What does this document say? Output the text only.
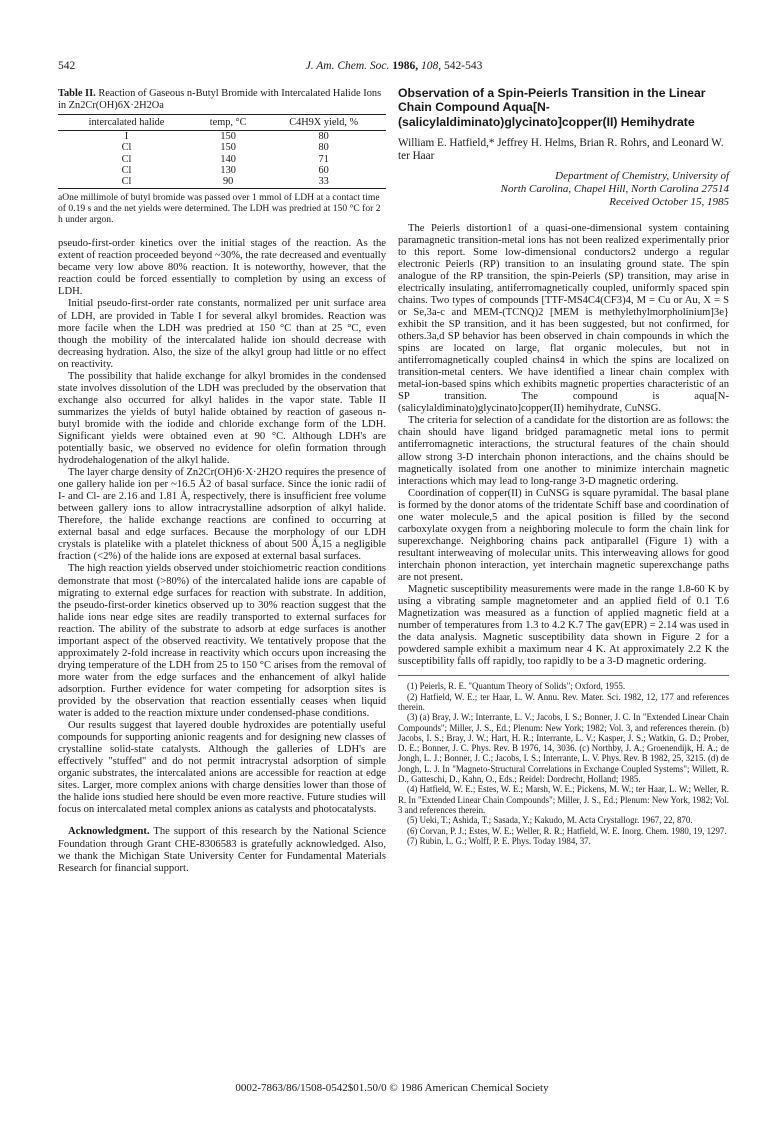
542	J. Am. Chem. Soc. 1986, 108, 542-543

Table II. Reaction of Gaseous n-Butyl Bromide with Intercalated Halide Ions in Zn2Cr(OH)6X·2H2Oa

intercalated halide	temp, °C	C4H9X yield, %
I	150	80
Cl	150	80
Cl	140	71
Cl	130	60
Cl	90	33

aOne millimole of butyl bromide was passed over 1 mmol of LDH at a contact time of 0.19 s and the net yields were determined. The LDH was predried at 150 °C for 2 h under argon.

pseudo-first-order kinetics over the initial stages of the reaction. As the extent of reaction proceeded beyond ~30%, the rate decreased and eventually became very low above 80% reaction. It is noteworthy, however, that the reaction could be forced essentially to completion by using an excess of LDH.

Initial pseudo-first-order rate constants, normalized per unit surface area of LDH, are provided in Table I for several alkyl bromides. Reaction was more facile when the LDH was predried at 150 °C than at 25 °C, even though the mobility of the intercalated halide ion should decrease with decreasing hydration. Also, the size of the alkyl group had little or no effect on reactivity.

The possibility that halide exchange for alkyl bromides in the condensed state involves dissolution of the LDH was precluded by the observation that exchange also occurred for alkyl halides in the vapor state. Table II summarizes the yields of butyl halide obtained by reaction of gaseous n-butyl bromide with the iodide and chloride exchange form of the LDH. Significant yields were obtained even at 90 °C. Although LDH's are potentially basic, we observed no evidence for olefin formation through hydrodehalogenation of the alkyl halide.

The layer charge density of Zn2Cr(OH)6·X·2H2O requires the presence of one gallery halide ion per ~16.5 Å2 of basal surface. Since the ionic radii of I- and Cl- are 2.16 and 1.81 Å, respectively, there is insufficient free volume between gallery ions to allow intracrystalline adsorption of alkyl halide. Therefore, the halide exchange reactions are confined to occurring at external basal and edge surfaces. Because the morphology of our LDH crystals is platelike with a platelet thickness of about 500 Å,15 a negligible fraction (<2%) of the halide ions are exposed at external basal surfaces.

The high reaction yields observed under stoichiometric reaction conditions demonstrate that most (>80%) of the intercalated halide ions are capable of migrating to external edge surfaces for reaction with substrate. In addition, the pseudo-first-order kinetics observed up to 30% reaction suggest that the halide ions near edge sites are readily transported to external surfaces for reaction. The ability of the substrate to adsorb at edge surfaces is another important aspect of the observed reactivity. We tentatively propose that the approximately 2-fold increase in reactivity which occurs upon increasing the drying temperature of the LDH from 25 to 150 °C arises from the removal of more water from the edge surfaces and the enhancement of alkyl halide adsorption. Further evidence for water competing for adsorption sites is provided by the observation that reaction essentially ceases when liquid water is added to the reaction mixture under condensed-phase conditions.

Our results suggest that layered double hydroxides are potentially useful compounds for supporting anionic reagents and for designing new classes of crystalline solid-state catalysts. Although the galleries of LDH's are effectively "stuffed" and do not permit intracrystal adsorption of simple organic substrates, the intercalated anions are accessible for reaction at edge sites. Larger, more complex anions with charge densities lower than those of the halide ions studied here should be even more reactive. Future studies will focus on intercalated metal complex anions as catalysts and photocatalysts.

Acknowledgment. The support of this research by the National Science Foundation through Grant CHE-8306583 is gratefully acknowledged. Also, we thank the Michigan State University Center for Fundamental Materials Research for financial support.

Observation of a Spin-Peierls Transition in the Linear Chain Compound Aqua[N-(salicylaldiminato)glycinato]copper(II) Hemihydrate

William E. Hatfield,* Jeffrey H. Helms, Brian R. Rohrs, and Leonard W. ter Haar

Department of Chemistry, University of
North Carolina, Chapel Hill, North Carolina 27514

Received October 15, 1985

The Peierls distortion1 of a quasi-one-dimensional system containing paramagnetic transition-metal ions has not been realized experimentally prior to this report. Some low-dimensional conductors2 undergo a regular electronic Peierls (RP) transition to an insulating ground state. The spin analogue of the RP transition, the spin-Peierls (SP) transition, may arise in electrically insulating, antiferromagnetically coupled, uniformly spaced spin chains. Two types of compounds [TTF-MS4C4(CF3)4, M = Cu or Au, X = S or Se,3a-c and MEM-(TCNQ)2 [MEM is methylethylmorpholinium]3e} exhibit the SP transition, and it has been suggested, but not confirmed, for others.3a,d SP behavior has been observed in chain compounds in which the spins are located on large, flat organic molecules, but not in antiferromagnetically coupled chains4 in which the spins are localized on transition-metal centers. We have identified a linear chain complex with metal-ion-based spins which exhibits magnetic properties characteristic of an SP transition. The compound is aqua[N-(salicylaldiminato)glycinato]copper(II) hemihydrate, CuNSG.

The criteria for selection of a candidate for the distortion are as follows: the chain should have ligand bridged paramagnetic metal ions to permit antiferromagnetic interactions, the structural features of the chain should allow strong 3-D interchain phonon interactions, and the chains should be magnetically isolated from one another to minimize interchain magnetic interactions which may lead to long-range 3-D magnetic ordering.

Coordination of copper(II) in CuNSG is square pyramidal. The basal plane is formed by the donor atoms of the tridentate Schiff base and coordination of one water molecule,5 and the apical position is filled by the second carboxylate oxygen from a neighboring molecule to form the chain link for superexchange. Neighboring chains pack antiparallel (Figure 1) with a resultant interweaving of molecular units. This interweaving allows for good interchain phonon interaction, yet interchain magnetic superexchange paths are not present.

Magnetic susceptibility measurements were made in the range 1.8-60 K by using a vibrating sample magnetometer and an applied field of 0.1 T.6 Magnetization was measured as a function of applied magnetic field at a number of temperatures from 1.3 to 4.2 K.7 The gav(EPR) = 2.14 was used in the data analysis. Magnetic susceptibility data shown in Figure 2 for a powdered sample exhibit a maximum near 4 K. At approximately 2.2 K the susceptibility falls off rapidly, too rapidly to be a 3-D magnetic ordering.

(1) Peierls, R. E. "Quantum Theory of Solids"; Oxford, 1955.

(2) Hatfield, W. E.; ter Haar, L. W. Annu. Rev. Mater. Sci. 1982, 12, 177 and references therein.

(3) (a) Bray, J. W.; Interrante, L. V.; Jacobs, I. S.; Bonner, J. C. In "Extended Linear Chain Compounds"; Miller, J. S., Ed.; Plenum: New York; 1982; Vol. 3, and references therein. (b) Jacobs, I. S.; Bray, J. W.; Hart, H. R.; Interrante, L. V.; Kasper, J. S.; Watkin, G. D.; Prober, D. E.; Bonner, J. C. Phys. Rev. B 1976, 14, 3036. (c) Northby, J. A.; Groenendijk, H. A.; de Jongh, L. J.; Bonner, J. C.; Jacobs, I. S.; Interrante, L. V. Phys. Rev. B 1982, 25, 3215. (d) de Jongh, L. J. In "Magneto-Structural Correlations in Exchange Coupled Systems"; Willett, R. D., Gatteschi, D., Kahn, O., Eds.; Reidel: Dordrecht, Holland; 1985.

(4) Hatfield, W. E.; Estes, W. E.; Marsh, W. E.; Pickens, M. W.; ter Haar, L. W.; Weller, R. R. In "Extended Linear Chain Compounds"; Miller, J. S., Ed.; Plenum: New York, 1982; Vol. 3 and references therein.

(5) Ueki, T.; Ashida, T.; Sasada, Y.; Kakudo, M. Acta Crystallogr. 1967, 22, 870.

(6) Corvan, P. J.; Estes, W. E.; Weller, R. R.; Hatfield, W. E. Inorg. Chem. 1980, 19, 1297.

(7) Rubin, L. G.; Wolff, P. E. Phys. Today 1984, 37.

0002-7863/86/1508-0542$01.50/0 © 1986 American Chemical Society
